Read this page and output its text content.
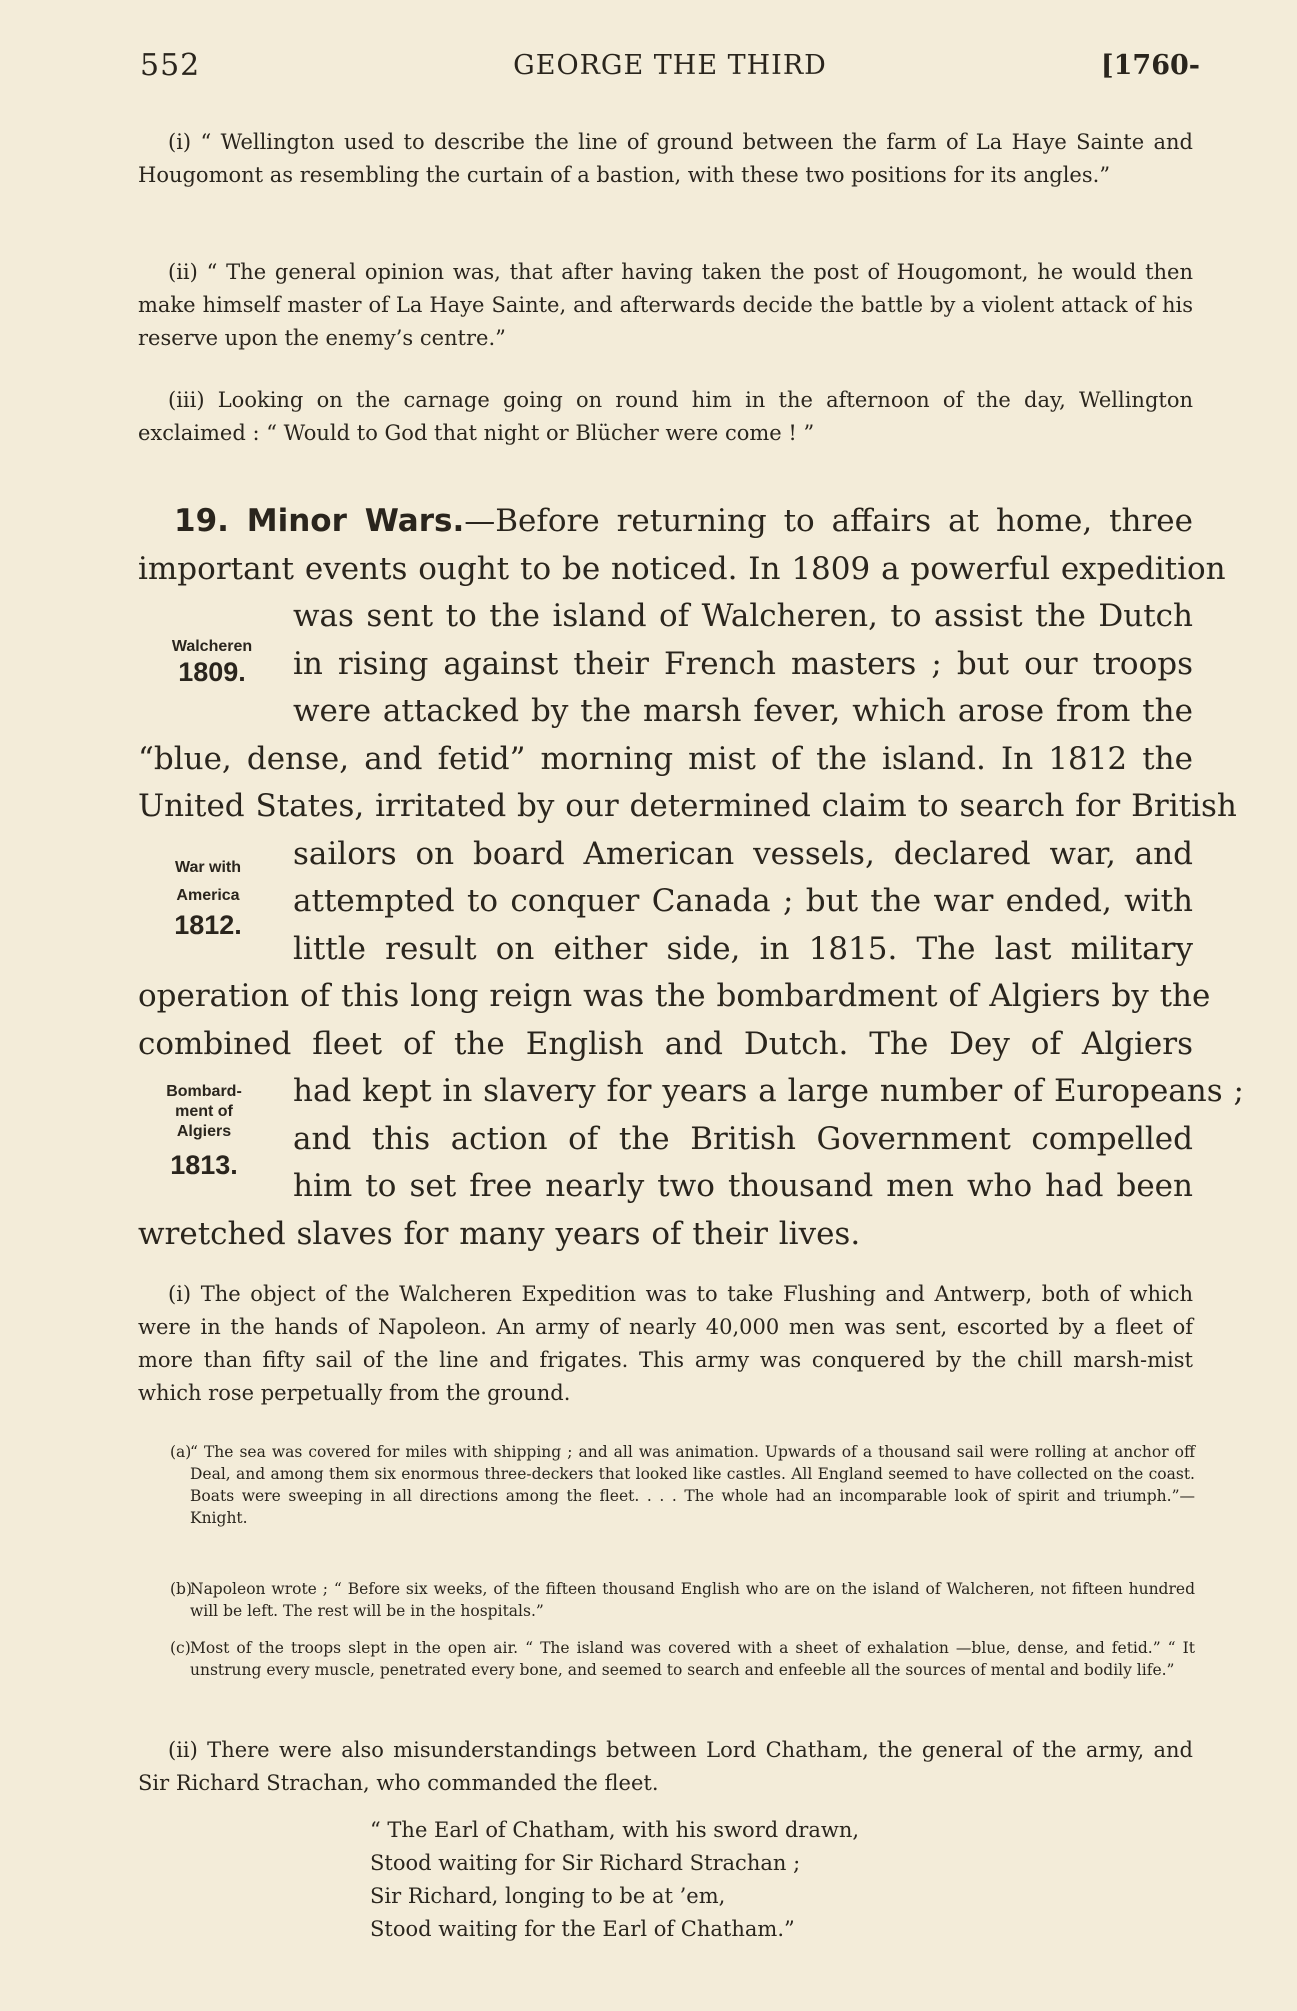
552	GEORGE THE THIRD	[1760-

(i) “ Wellington used to describe the line of ground between the farm of La Haye Sainte and Hougomont as resembling the curtain of a bastion, with these two positions for its angles.”

(ii) “ The general opinion was, that after having taken the post of Hougomont, he would then make himself master of La Haye Sainte, and afterwards decide the battle by a violent attack of his reserve upon the enemy’s centre.”

(iii) Looking on the carnage going on round him in the afternoon of the day, Wellington exclaimed : “ Would to God that night or Blücher were come ! ”

19. Minor Wars.—Before returning to affairs at home, three
important events ought to be noticed. In 1809 a powerful expedition
was sent to the island of Walcheren, to assist the Dutch
in rising against their French masters ; but our troops
were attacked by the marsh fever, which arose from the
“blue, dense, and fetid” morning mist of the island. In 1812 the
United States, irritated by our determined claim to search for British
sailors on board American vessels, declared war, and
attempted to conquer Canada ; but the war ended, with
little result on either side, in 1815. The last military
operation of this long reign was the bombardment of Algiers by the
combined fleet of the English and Dutch. The Dey of Algiers
had kept in slavery for years a large number of Europeans ;
and this action of the British Government compelled
him to set free nearly two thousand men who had been
wretched slaves for many years of their lives.
Walcheren
1809.
War with
America
1812.
Bombard-
ment of
Algiers
1813.

(i) The object of the Walcheren Expedition was to take Flushing and Antwerp, both of which were in the hands of Napoleon. An army of nearly 40,000 men was sent, escorted by a fleet of more than fifty sail of the line and frigates. This army was conquered by the chill marsh-mist which rose perpetually from the ground.

(a)
“ The sea was covered for miles with shipping ; and all was animation. Upwards of a thousand sail were rolling at anchor off Deal, and among them six enormous three-deckers that looked like castles. All England seemed to have collected on the coast. Boats were sweeping in all directions among the fleet. . . . The whole had an incomparable look of spirit and triumph.”—Knight.
(b)
Napoleon wrote ; “ Before six weeks, of the fifteen thousand English who are on the island of Walcheren, not fifteen hundred will be left. The rest will be in the hospitals.”
(c) Most of the troops slept in the open air. “ The island was covered with a sheet of exhalation —blue, dense, and fetid.” “ It unstrung every muscle, penetrated every bone, and seemed to search and enfeeble all the sources of mental and bodily life.”

(ii) There were also misunderstandings between Lord Chatham, the general of the army, and Sir Richard Strachan, who commanded the fleet.

“ The Earl of Chatham, with his sword drawn,
Stood waiting for Sir Richard Strachan ;
Sir Richard, longing to be at ’em,
Stood waiting for the Earl of Chatham.”
